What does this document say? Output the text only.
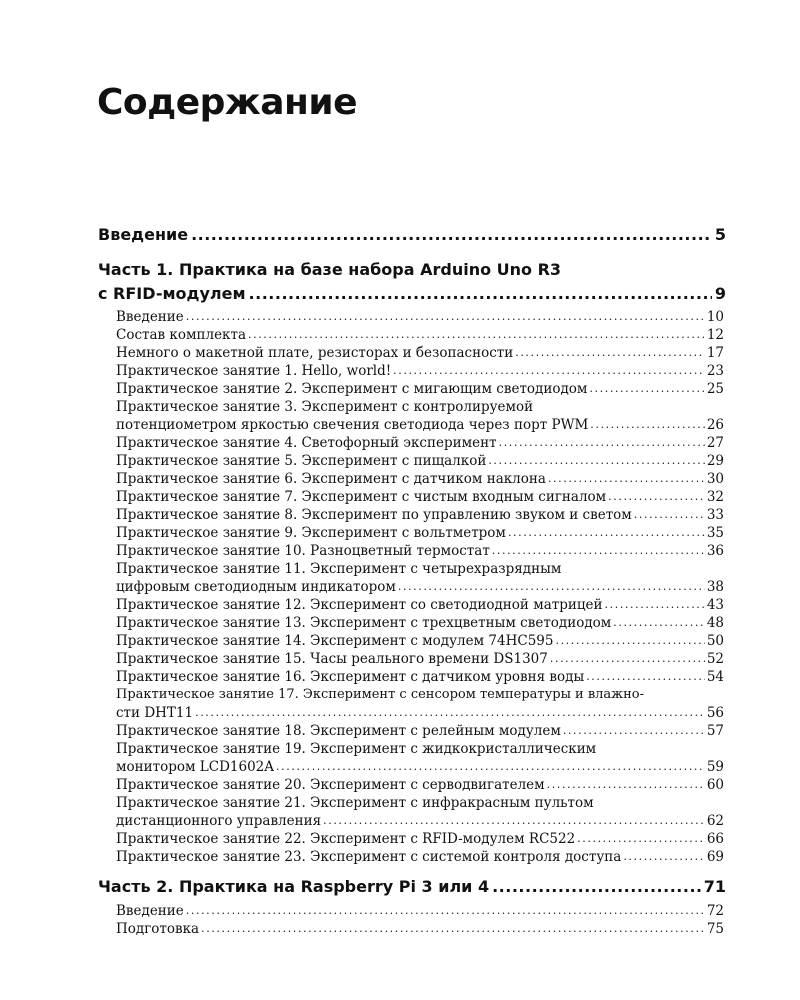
Содержание
Введение .....	5
Часть 1. Практика на базе набора Arduino Uno R3
с RFID-модулем .....	9
Введение .....	10
Состав комплекта .....	12
Немного о макетной плате, резисторах и безопасности .....	17
Практическое занятие 1. Hello, world! .....	23
Практическое занятие 2. Эксперимент с мигающим светодиодом .....	25
Практическое занятие 3. Эксперимент с контролируемой
потенциометром яркостью свечения светодиода через порт PWM .....	26
Практическое занятие 4. Светофорный эксперимент .....	27
Практическое занятие 5. Эксперимент с пищалкой .....	29
Практическое занятие 6. Эксперимент с датчиком наклона .....	30
Практическое занятие 7. Эксперимент с чистым входным сигналом .....	32
Практическое занятие 8. Эксперимент по управлению звуком и светом .....	33
Практическое занятие 9. Эксперимент с вольтметром .....	35
Практическое занятие 10. Разноцветный термостат .....	36
Практическое занятие 11. Эксперимент с четырехразрядным
цифровым светодиодным индикатором .....	38
Практическое занятие 12. Эксперимент со светодиодной матрицей .....	43
Практическое занятие 13. Эксперимент с трехцветным светодиодом .....	48
Практическое занятие 14. Эксперимент с модулем 74HC595 .....	50
Практическое занятие 15. Часы реального времени DS1307 .....	52
Практическое занятие 16. Эксперимент с датчиком уровня воды .....	54
Практическое занятие 17. Эксперимент с сенсором температуры и влажно-
сти DHT11 .....	56
Практическое занятие 18. Эксперимент с релейным модулем .....	57
Практическое занятие 19. Эксперимент с жидкокристаллическим
монитором LCD1602A .....	59
Практическое занятие 20. Эксперимент с серводвигателем .....	60
Практическое занятие 21. Эксперимент с инфракрасным пультом
дистанционного управления .....	62
Практическое занятие 22. Эксперимент с RFID-модулем RC522 .....	66
Практическое занятие 23. Эксперимент с системой контроля доступа .....	69
Часть 2. Практика на Raspberry Pi 3 или 4 .....	71
Введение .....	72
Подготовка .....	75
